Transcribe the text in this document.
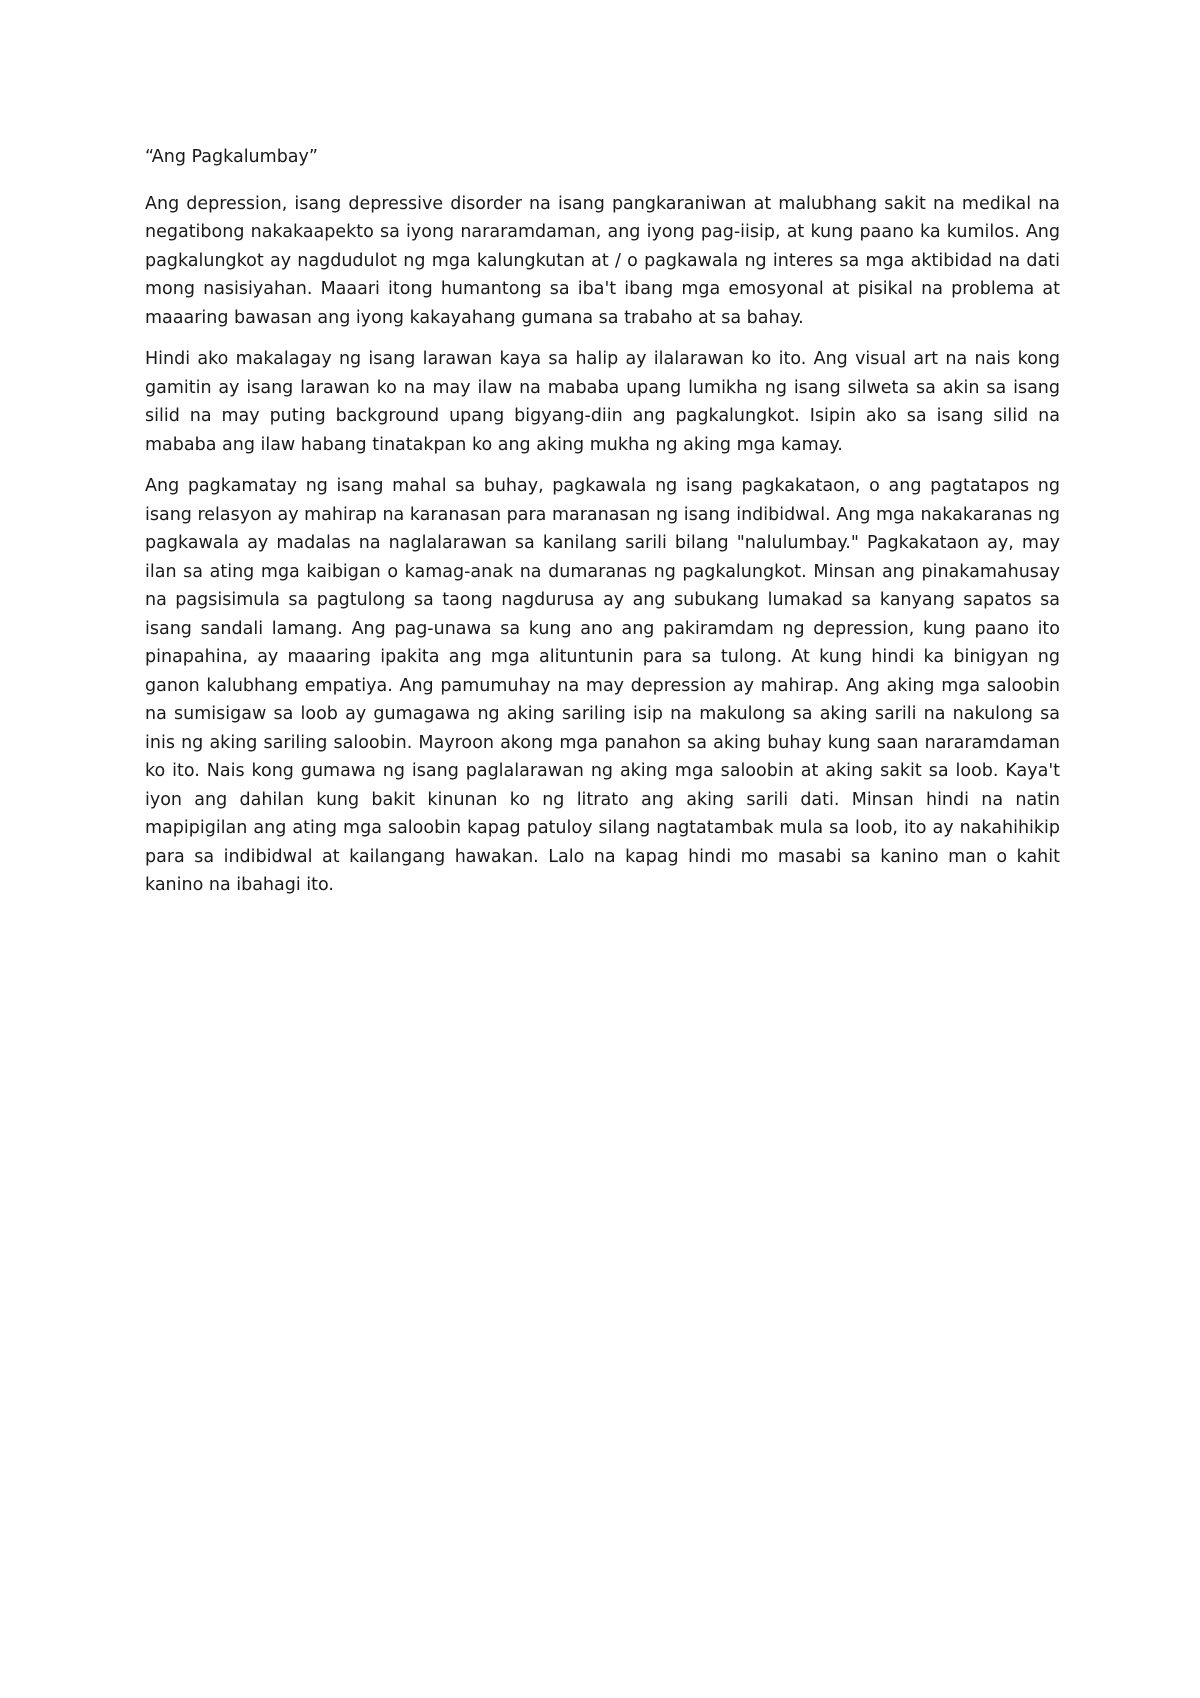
“Ang Pagkalumbay”

Ang depression, isang depressive disorder na isang pangkaraniwan at malubhang sakit na medikal na negatibong nakakaapekto sa iyong nararamdaman, ang iyong pag-iisip, at kung paano ka kumilos. Ang pagkalungkot ay nagdudulot ng mga kalungkutan at / o pagkawala ng interes sa mga aktibidad na dati mong nasisiyahan. Maaari itong humantong sa iba't ibang mga emosyonal at pisikal na problema at maaaring bawasan ang iyong kakayahang gumana sa trabaho at sa bahay.

Hindi ako makalagay ng isang larawan kaya sa halip ay ilalarawan ko ito. Ang visual art na nais kong gamitin ay isang larawan ko na may ilaw na mababa upang lumikha ng isang silweta sa akin sa isang silid na may puting background upang bigyang-diin ang pagkalungkot. Isipin ako sa isang silid na mababa ang ilaw habang tinatakpan ko ang aking mukha ng aking mga kamay.

Ang pagkamatay ng isang mahal sa buhay, pagkawala ng isang pagkakataon, o ang pagtatapos ng isang relasyon ay mahirap na karanasan para maranasan ng isang indibidwal. Ang mga nakakaranas ng pagkawala ay madalas na naglalarawan sa kanilang sarili bilang "nalulumbay." Pagkakataon ay, may ilan sa ating mga kaibigan o kamag-anak na dumaranas ng pagkalungkot. Minsan ang pinakamahusay na pagsisimula sa pagtulong sa taong nagdurusa ay ang subukang lumakad sa kanyang sapatos sa isang sandali lamang. Ang pag-unawa sa kung ano ang pakiramdam ng depression, kung paano ito pinapahina, ay maaaring ipakita ang mga alituntunin para sa tulong. At kung hindi ka binigyan ng ganon kalubhang empatiya. Ang pamumuhay na may depression ay mahirap. Ang aking mga saloobin na sumisigaw sa loob ay gumagawa ng aking sariling isip na makulong sa aking sarili na nakulong sa inis ng aking sariling saloobin. Mayroon akong mga panahon sa aking buhay kung saan nararamdaman ko ito. Nais kong gumawa ng isang paglalarawan ng aking mga saloobin at aking sakit sa loob. Kaya't iyon ang dahilan kung bakit kinunan ko ng litrato ang aking sarili dati. Minsan hindi na natin mapipigilan ang ating mga saloobin kapag patuloy silang nagtatambak mula sa loob, ito ay nakahihikip para sa indibidwal at kailangang hawakan. Lalo na kapag hindi mo masabi sa kanino man o kahit kanino na ibahagi ito.
